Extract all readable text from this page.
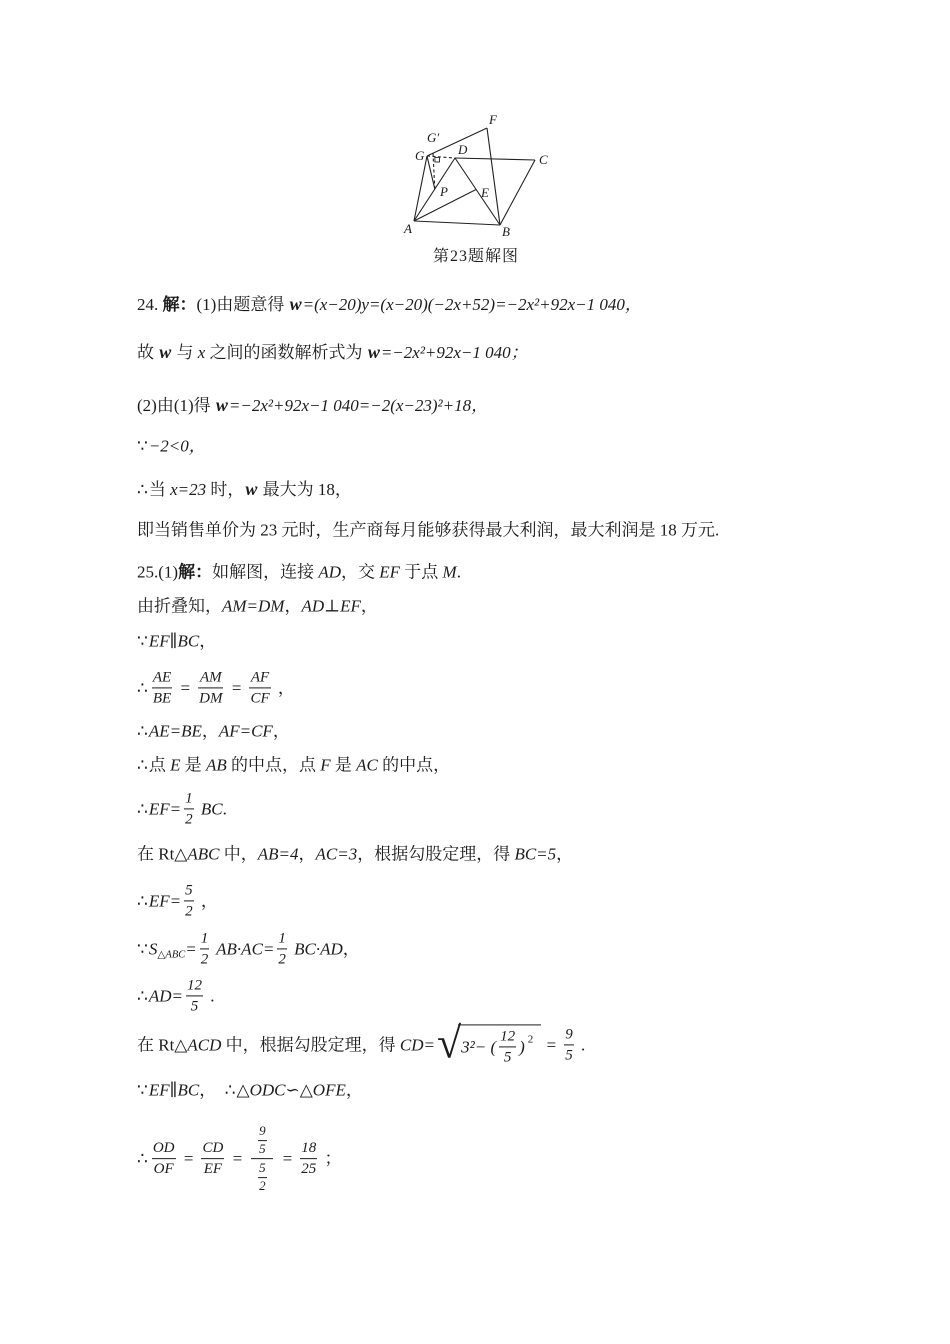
A	B
C
D
E
F
G
G′
P
第23题解图
24. 解： (1)由题意得 w =(x−20)y=(x−20)(−2x+52)=−2x²+92x−1 040，
故 w 与 x 之间的函数解析式为 w =−2x²+92x−1 040；
(2)由(1)得 w =−2x²+92x−1 040=−2(x−23)²+18，
∵ −2<0，
∴ 当 x=23 时， w 最大为 18，
即当销售单价为 23 元时，生产商每月能够获得最大利润，最大利润是 18 万元.
25.(1) 解： 如解图，连接 AD ，交 EF 于点 M .
由折叠知， AM=DM ， AD⊥EF ，
∵ EF∥BC ，
∴ $\frac{AE}{BE} = \frac{AM}{DM} = \frac{AF}{CF}$ ，
∴ AE=BE ， AF=CF ，
∴ 点 E 是 AB 的中点，点 F 是 AC 的中点，
∴ $EF= \frac{1}{2}$ BC .
在 Rt△ ABC 中， AB=4 ， AC=3 ，根据勾股定理，得 BC=5 ，
∴ $EF= \frac{5}{2}$ ，
∵ S △ABC = $\frac{1}{2} AB\cdot AC= \frac{1}{2} BC\cdot AD$ ，
∴ $AD= \frac{12}{5}$ .
在 Rt△ ACD 中，根据勾股定理，得 CD= √ 3²− ( $\frac{12}{5}$ ) $2 = \frac{9}{5}$ .
∵ EF∥BC ， ∴ △ODC∽△OFE ，
∴ $\frac{OD}{OF} = \frac{CD}{EF} = \frac{\frac{9}{5}}{\frac{5}{2}} = \frac{18}{25}$ ；
